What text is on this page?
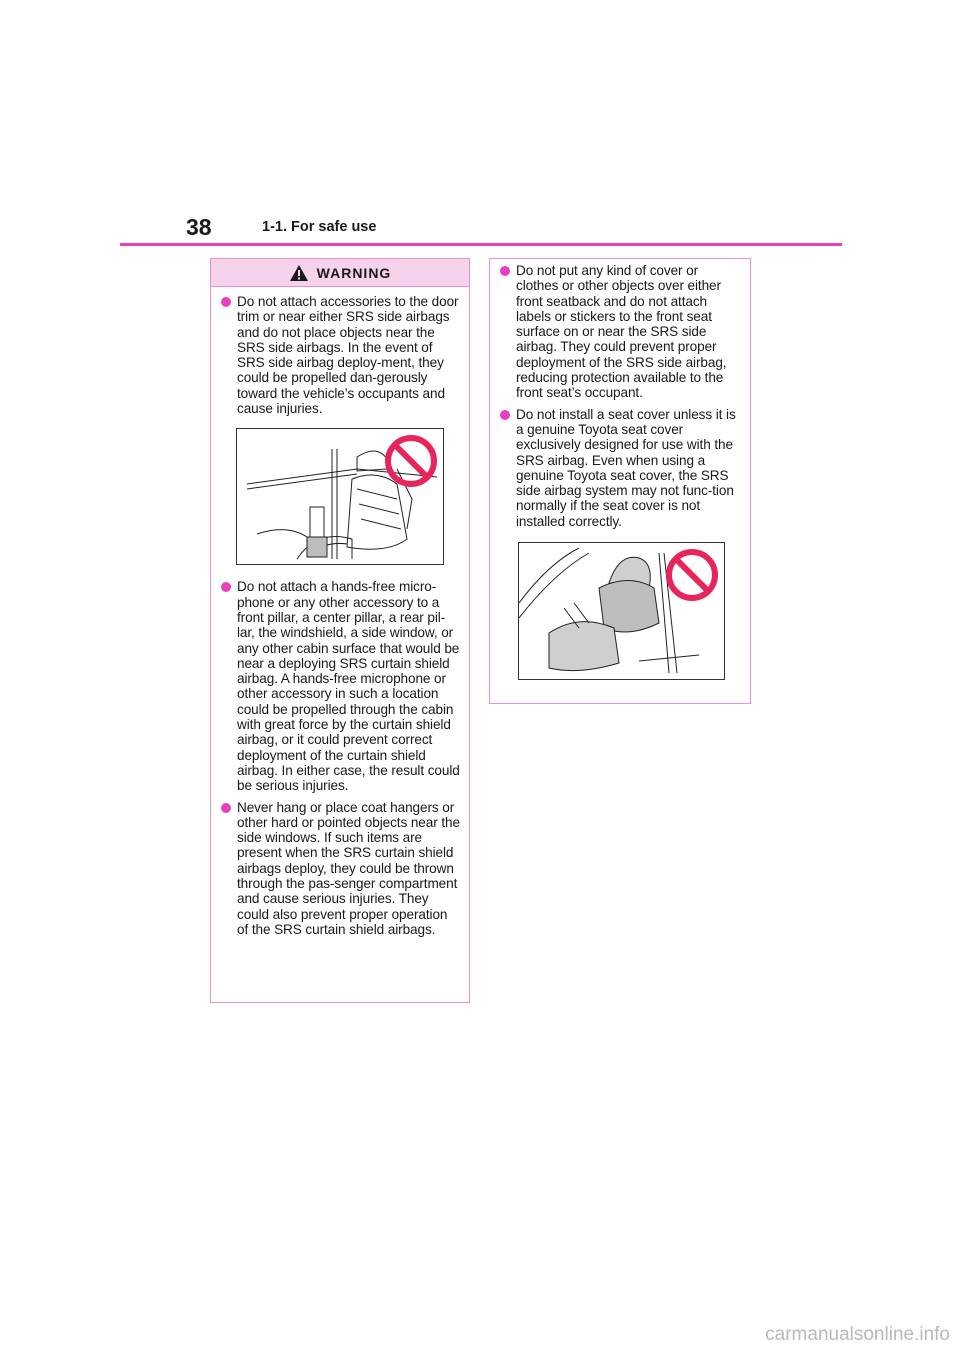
38	1-1. For safe use
WARNING
Do not attach accessories to the door trim or near either SRS side airbags and do not place objects near the SRS side airbags. In the event of SRS side airbag deploy-ment, they could be propelled dan-gerously toward the vehicle’s occupants and cause injuries.
Do not attach a hands-free micro-phone or any other accessory to a front pillar, a center pillar, a rear pil-lar, the windshield, a side window, or any other cabin surface that would be near a deploying SRS curtain shield airbag. A hands-free microphone or other accessory in such a location could be propelled through the cabin with great force by the curtain shield airbag, or it could prevent correct deployment of the curtain shield airbag. In either case, the result could be serious injuries.
Never hang or place coat hangers or other hard or pointed objects near the side windows. If such items are present when the SRS curtain shield airbags deploy, they could be thrown through the pas-senger compartment and cause serious injuries. They could also prevent proper operation of the SRS curtain shield airbags.
Do not put any kind of cover or clothes or other objects over either front seatback and do not attach labels or stickers to the front seat surface on or near the SRS side airbag. They could prevent proper deployment of the SRS side airbag, reducing protection available to the front seat’s occupant.
Do not install a seat cover unless it is a genuine Toyota seat cover exclusively designed for use with the SRS airbag. Even when using a genuine Toyota seat cover, the SRS side airbag system may not func-tion normally if the seat cover is not installed correctly.
carmanualsonline.info
